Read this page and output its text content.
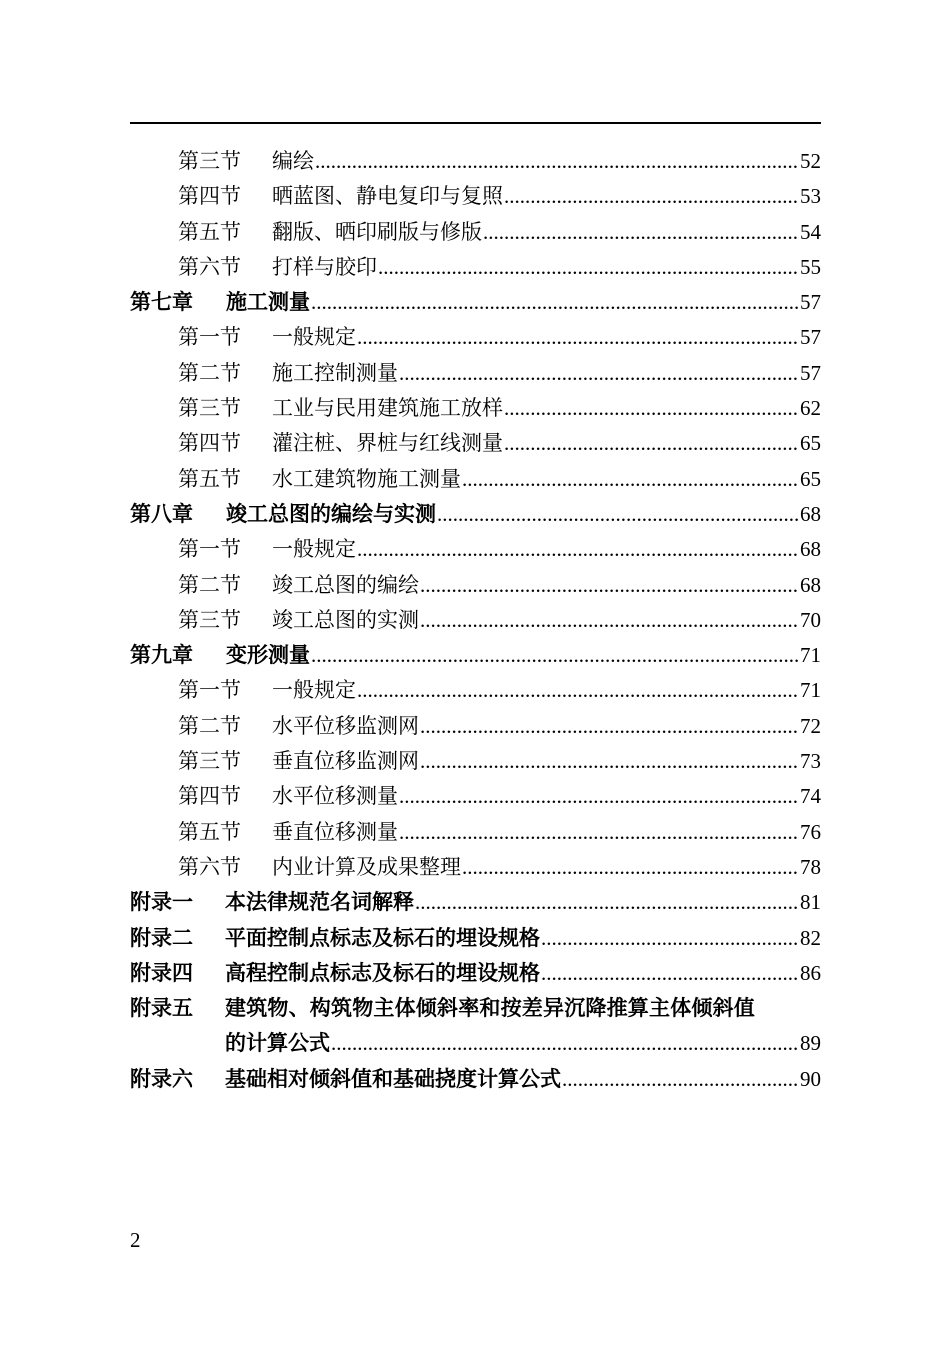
第三节	编绘 .....	52
第四节	晒蓝图、静电复印与复照 .....	53
第五节	翻版、晒印刷版与修版 .....	54
第六节	打样与胶印 .....	55
第七章	施工测量 .....	57
第一节	一般规定 .....	57
第二节	施工控制测量 .....	57
第三节	工业与民用建筑施工放样 .....	62
第四节	灌注桩、界桩与红线测量 .....	65
第五节	水工建筑物施工测量 .....	65
第八章	竣工总图的编绘与实测 .....	68
第一节	一般规定 .....	68
第二节	竣工总图的编绘 .....	68
第三节	竣工总图的实测 .....	70
第九章	变形测量 .....	71
第一节	一般规定 .....	71
第二节	水平位移监测网 .....	72
第三节	垂直位移监测网 .....	73
第四节	水平位移测量 .....	74
第五节	垂直位移测量 .....	76
第六节	内业计算及成果整理 .....	78
附录一	本法律规范名词解释 .....	81
附录二	平面控制点标志及标石的埋设规格 .....	82
附录四	高程控制点标志及标石的埋设规格 .....	86
附录五	建筑物、构筑物主体倾斜率和按差异沉降推算主体倾斜值
的计算公式 .....	89
附录六	基础相对倾斜值和基础挠度计算公式 .....	90
2
